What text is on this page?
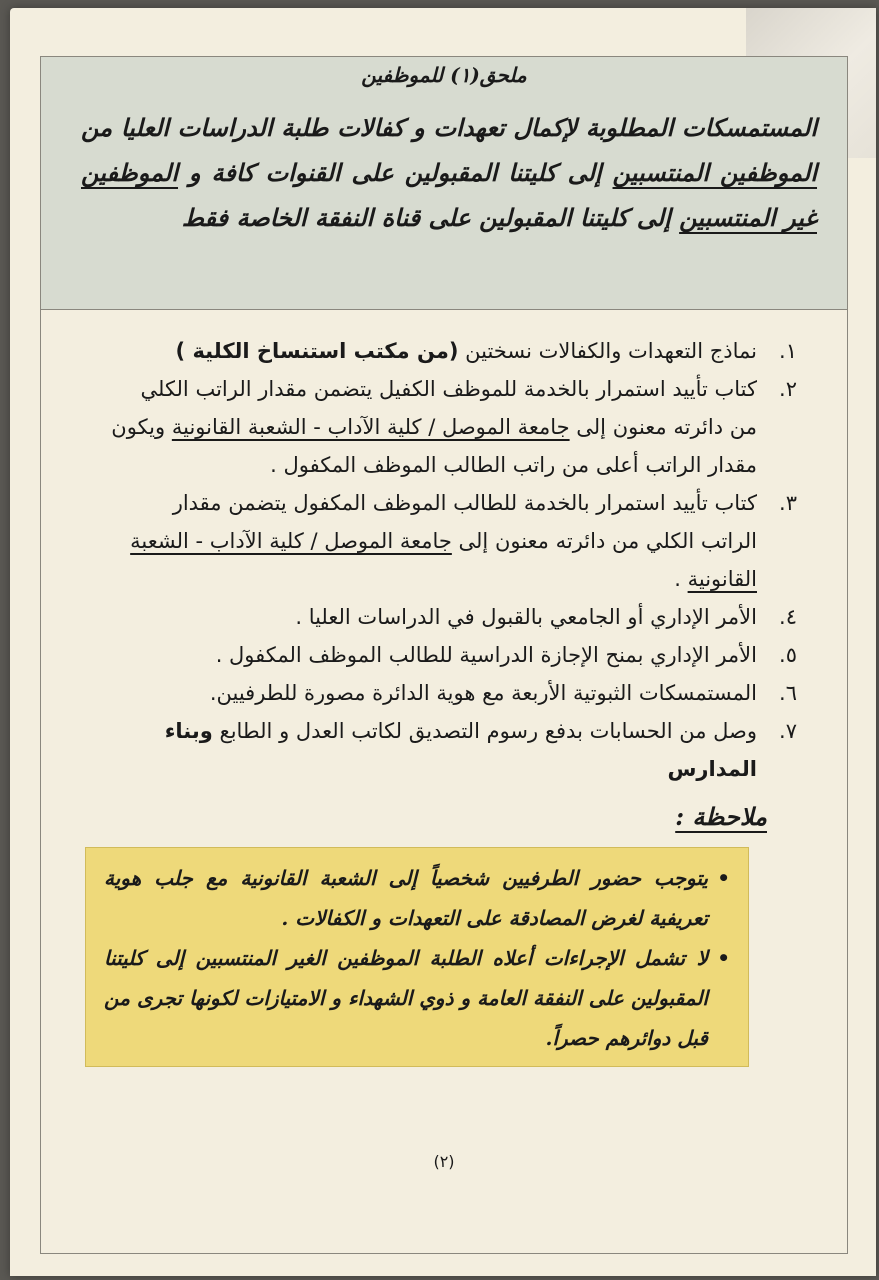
ملحق(١) للموظفين
المستمسكات المطلوبة لإكمال تعهدات و كفالات طلبة الدراسات العليا من الموظفين المنتسبين إلى كليتنا المقبولين على القنوات كافة و الموظفين غير المنتسبين إلى كليتنا المقبولين على قناة النفقة الخاصة فقط
١.
نماذج التعهدات والكفالات نسختين (من مكتب استنساخ الكلية )
٢.
كتاب تأييد استمرار بالخدمة للموظف الكفيل يتضمن مقدار الراتب الكلي من دائرته معنون إلى جامعة الموصل / كلية الآداب - الشعبة القانونية ويكون مقدار الراتب أعلى من راتب الطالب الموظف المكفول .
٣.
كتاب تأييد استمرار بالخدمة للطالب الموظف المكفول يتضمن مقدار الراتب الكلي من دائرته معنون إلى جامعة الموصل / كلية الآداب - الشعبة القانونية .
٤.
الأمر الإداري أو الجامعي بالقبول في الدراسات العليا .
٥.
الأمر الإداري بمنح الإجازة الدراسية للطالب الموظف المكفول .
٦.
المستمسكات الثبوتية الأربعة مع هوية الدائرة مصورة للطرفيين.
٧.
وصل من الحسابات بدفع رسوم التصديق لكاتب العدل و الطابع وبناء المدارس
ملاحظة :
•
يتوجب حضور الطرفيين شخصياً إلى الشعبة القانونية مع جلب هوية تعريفية لغرض المصادقة على التعهدات و الكفالات .
•
لا تشمل الإجراءات أعلاه الطلبة الموظفين الغير المنتسبين إلى كليتنا المقبولين على النفقة العامة و ذوي الشهداء و الامتيازات لكونها تجرى من قبل دوائرهم حصراً.
(٢)
